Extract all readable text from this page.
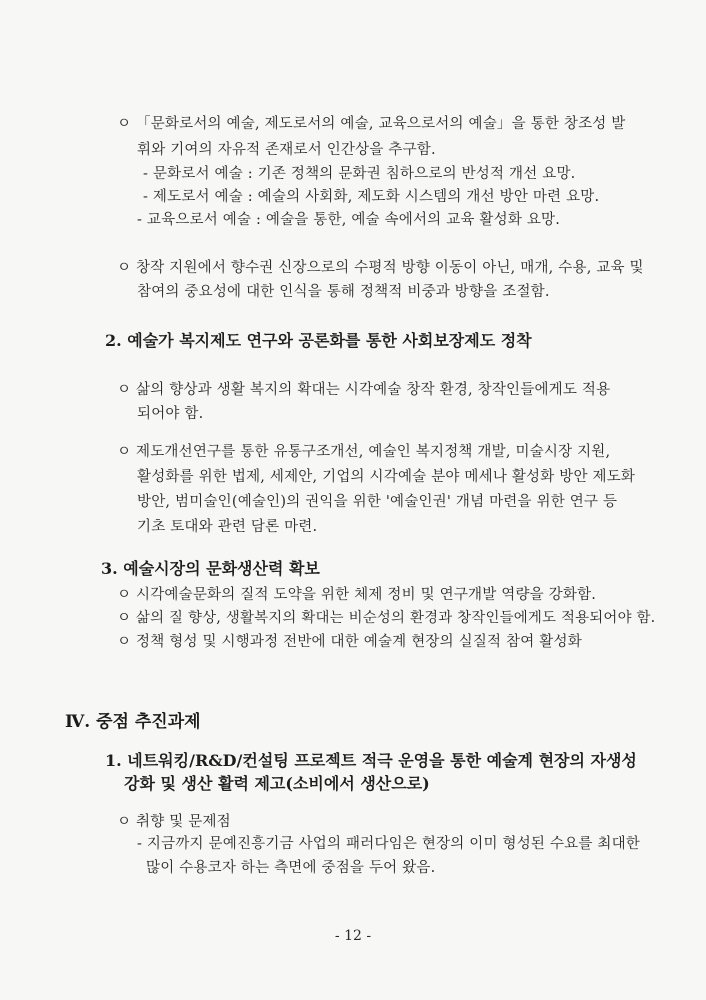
ㅇ 「문화로서의 예술, 제도로서의 예술, 교육으로서의 예술」을 통한 창조성 발
휘와 기여의 자유적 존재로서 인간상을 추구함.
- 문화로서 예술 : 기존 정책의 문화권 침하으로의 반성적 개선 요망.
- 제도로서 예술 : 예술의 사회화, 제도화 시스템의 개선 방안 마련 요망.
- 교육으로서 예술 : 예술을 통한, 예술 속에서의 교육 활성화 요망.
ㅇ 창작 지원에서 향수권 신장으로의 수평적 방향 이동이 아닌, 매개, 수용, 교육 및
참여의 중요성에 대한 인식을 통해 정책적 비중과 방향을 조절함.
2. 예술가 복지제도 연구와 공론화를 통한 사회보장제도 정착
ㅇ 삶의 향상과 생활 복지의 확대는 시각예술 창작 환경, 창작인들에게도 적용
되어야 함.
ㅇ 제도개선연구를 통한 유통구조개선, 예술인 복지정책 개발, 미술시장 지원,
활성화를 위한 법제, 세제안, 기업의 시각예술 분야 메세나 활성화 방안 제도화
방안, 범미술인(예술인)의 권익을 위한 '예술인권' 개념 마련을 위한 연구 등
기초 토대와 관련 담론 마련.
3. 예술시장의 문화생산력 확보
ㅇ 시각예술문화의 질적 도약을 위한 체제 정비 및 연구개발 역량을 강화함.
ㅇ 삶의 질 향상, 생활복지의 확대는 비순성의 환경과 창작인들에게도 적용되어야 함.
ㅇ 정책 형성 및 시행과정 전반에 대한 예술계 현장의 실질적 참여 활성화
Ⅳ. 중점 추진과제
1. 네트워킹/R&D/컨설팅 프로젝트 적극 운영을 통한 예술계 현장의 자생성
강화 및 생산 활력 제고(소비에서 생산으로)
ㅇ 취향 및 문제점
- 지금까지 문예진흥기금 사업의 패러다임은 현장의 이미 형성된 수요를 최대한
많이 수용코자 하는 측면에 중점을 두어 왔음.
- 12 -
